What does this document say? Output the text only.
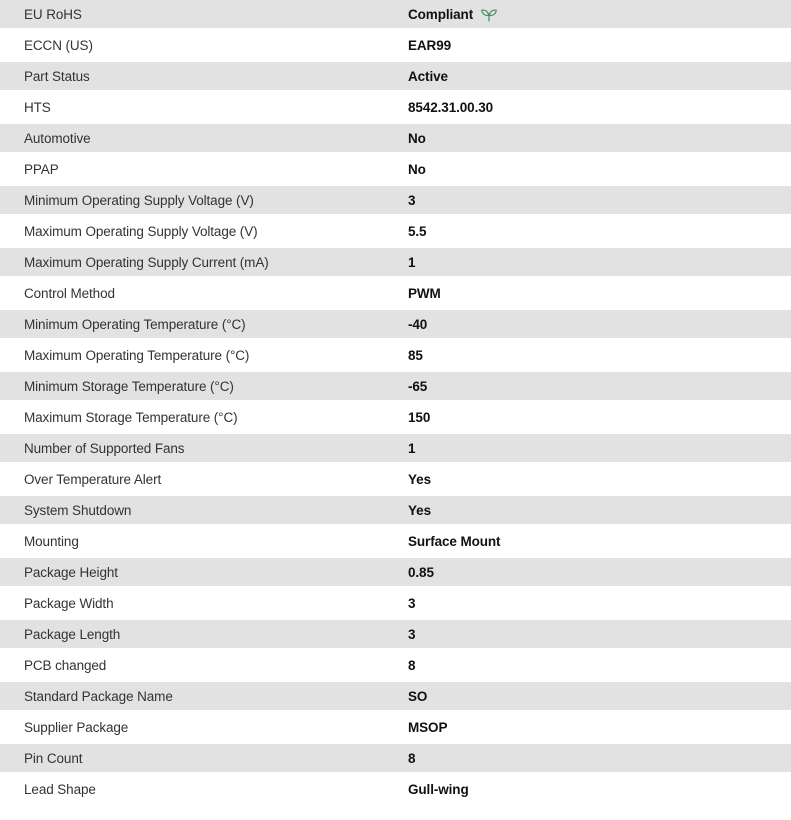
EU RoHS	Compliant
ECCN (US)	EAR99
Part Status	Active
HTS	8542.31.00.30
Automotive	No
PPAP	No
Minimum Operating Supply Voltage (V)	3
Maximum Operating Supply Voltage (V)	5.5
Maximum Operating Supply Current (mA)	1
Control Method	PWM
Minimum Operating Temperature (°C)	-40
Maximum Operating Temperature (°C)	85
Minimum Storage Temperature (°C)	-65
Maximum Storage Temperature (°C)	150
Number of Supported Fans	1
Over Temperature Alert	Yes
System Shutdown	Yes
Mounting	Surface Mount
Package Height	0.85
Package Width	3
Package Length	3
PCB changed	8
Standard Package Name	SO
Supplier Package	MSOP
Pin Count	8
Lead Shape	Gull-wing
